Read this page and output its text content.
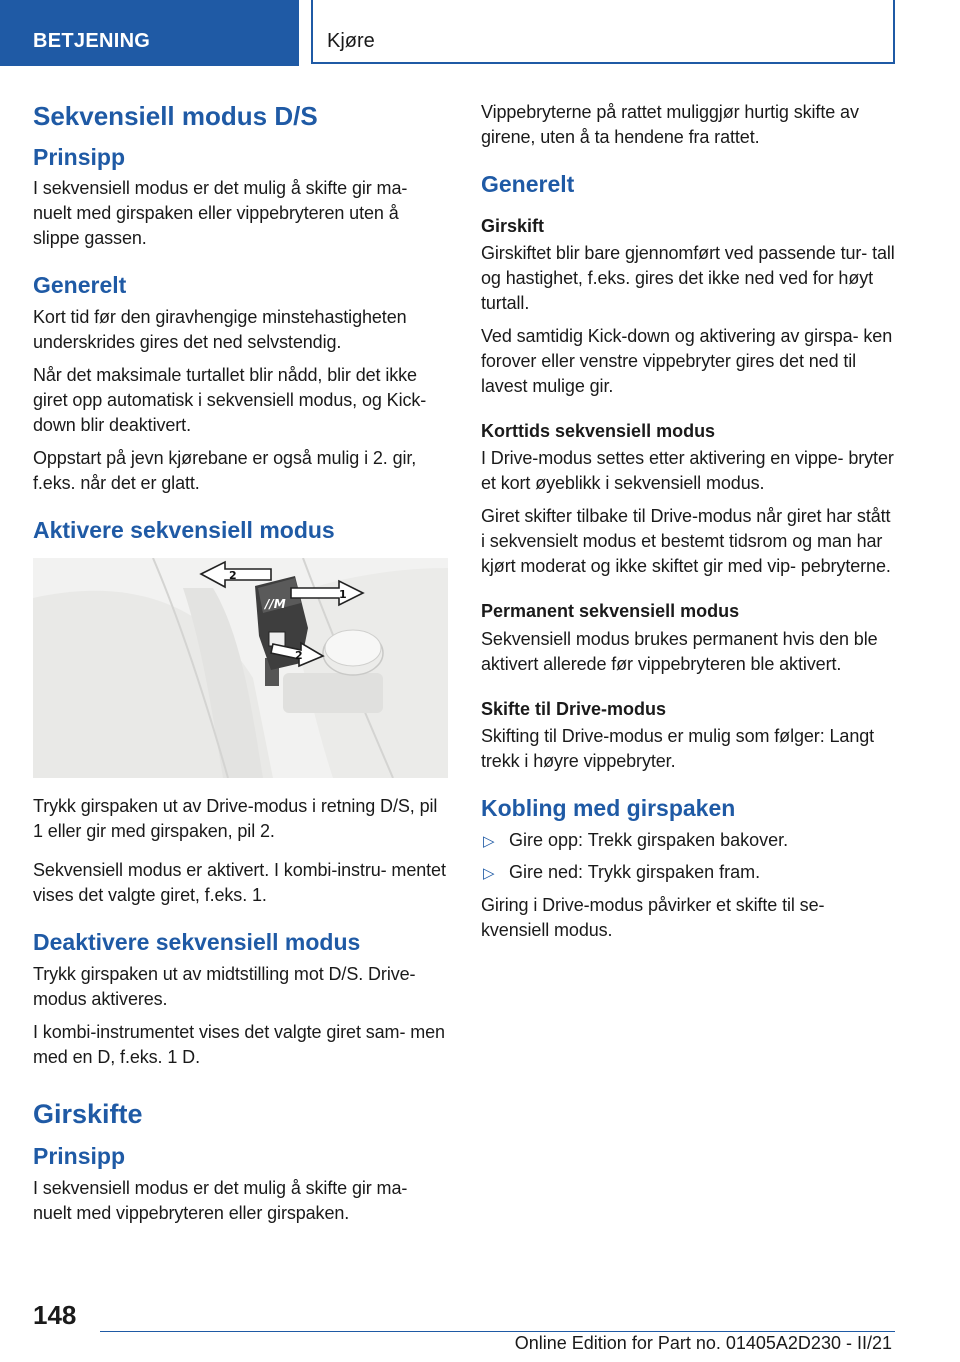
BETJENING	Kjøre
Sekvensiell modus D/S
Prinsipp

I sekvensiell modus er det mulig å skifte gir ma‐ nuelt med girspaken eller vippebryteren uten å slippe gassen.

Generelt

Kort tid før den giravhengige minstehastigheten underskrides gires det ned selvstendig.

Når det maksimale turtallet blir nådd, blir det ikke giret opp automatisk i sekvensiell modus, og Kick-down blir deaktivert.

Oppstart på jevn kjørebane er også mulig i 2. gir, f.eks. når det er glatt.

Aktivere sekvensiell modus
//M
2
1
2

Trykk girspaken ut av Drive-modus i retning D/S, pil 1 eller gir med girspaken, pil 2.

Sekvensiell modus er aktivert. I kombi-instru‐ mentet vises det valgte giret, f.eks. 1.

Deaktivere sekvensiell modus

Trykk girspaken ut av midtstilling mot D/S. Drive-modus aktiveres.

I kombi-instrumentet vises det valgte giret sam‐ men med en D, f.eks. 1 D.

Girskifte
Prinsipp

I sekvensiell modus er det mulig å skifte gir ma‐ nuelt med vippebryteren eller girspaken.

Vippebryterne på rattet muliggjør hurtig skifte av girene, uten å ta hendene fra rattet.

Generelt
Girskift

Girskiftet blir bare gjennomført ved passende tur‐ tall og hastighet, f.eks. gires det ikke ned ved for høyt turtall.

Ved samtidig Kick-down og aktivering av girspa‐ ken forover eller venstre vippebryter gires det ned til lavest mulige gir.

Korttids sekvensiell modus

I Drive-modus settes etter aktivering en vippe‐ bryter et kort øyeblikk i sekvensiell modus.

Giret skifter tilbake til Drive-modus når giret har stått i sekvensielt modus et bestemt tidsrom og man har kjørt moderat og ikke skiftet gir med vip‐ pebryterne.

Permanent sekvensiell modus

Sekvensiell modus brukes permanent hvis den ble aktivert allerede før vippebryteren ble aktivert.

Skifte til Drive-modus

Skifting til Drive-modus er mulig som følger: Langt trekk i høyre vippebryter.

Kobling med girspaken
▷ Gire opp: Trekk girspaken bakover.
▷ Gire ned: Trykk girspaken fram.

Giring i Drive-modus påvirker et skifte til se‐ kvensiell modus.

148
Online Edition for Part no. 01405A2D230 - II/21
